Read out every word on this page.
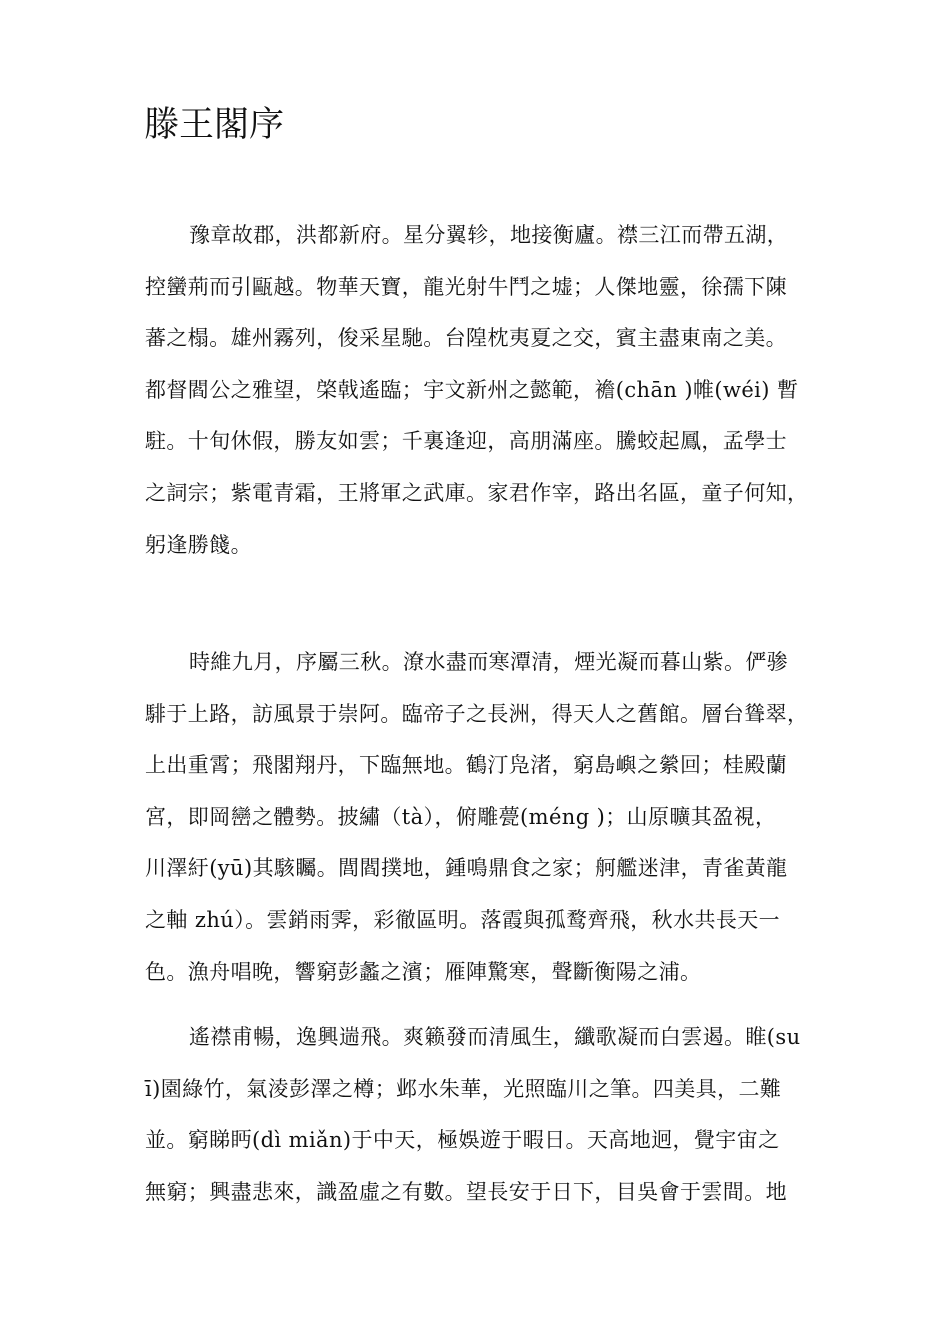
滕王閣序
豫章故郡，洪都新府。星分翼轸，地接衡廬。襟三江而帶五湖，
控蠻荊而引甌越。物華天寶，龍光射牛鬥之墟；人傑地靈，徐孺下陳
蕃之榻。雄州霧列，俊采星馳。台隍枕夷夏之交，賓主盡東南之美。
都督閻公之雅望，棨戟遙臨；宇文新州之懿範，襜(chān )帷(wéi) 暫
駐。十旬休假，勝友如雲；千裏逢迎，高朋滿座。騰蛟起鳳，孟學士
之詞宗；紫電青霜，王將軍之武庫。家君作宰，路出名區，童子何知，
躬逢勝餞。
時維九月，序屬三秋。潦水盡而寒潭清，煙光凝而暮山紫。俨骖
騑于上路，訪風景于崇阿。臨帝子之長洲，得天人之舊館。層台聳翠，
上出重霄；飛閣翔丹，下臨無地。鶴汀凫渚，窮島嶼之縈回；桂殿蘭
宮，即岡巒之體勢。披繡（tà），俯雕甍(méng )；山原曠其盈視，
川澤紆(yū)其駭矚。閭閻撲地，鍾鳴鼎食之家；舸艦迷津，青雀黃龍
之軸 zhú）。雲銷雨霁，彩徹區明。落霞與孤鹜齊飛，秋水共長天一
色。漁舟唱晚，響窮彭蠡之濱；雁陣驚寒，聲斷衡陽之浦。
遙襟甫暢，逸興遄飛。爽籁發而清風生，纖歌凝而白雲遏。睢(su
ī)園綠竹，氣淩彭澤之樽；邺水朱華，光照臨川之筆。四美具，二難
並。窮睇眄(dì miǎn)于中天，極娛遊于暇日。天高地迥，覺宇宙之
無窮；興盡悲來，識盈虛之有數。望長安于日下，目吳會于雲間。地
